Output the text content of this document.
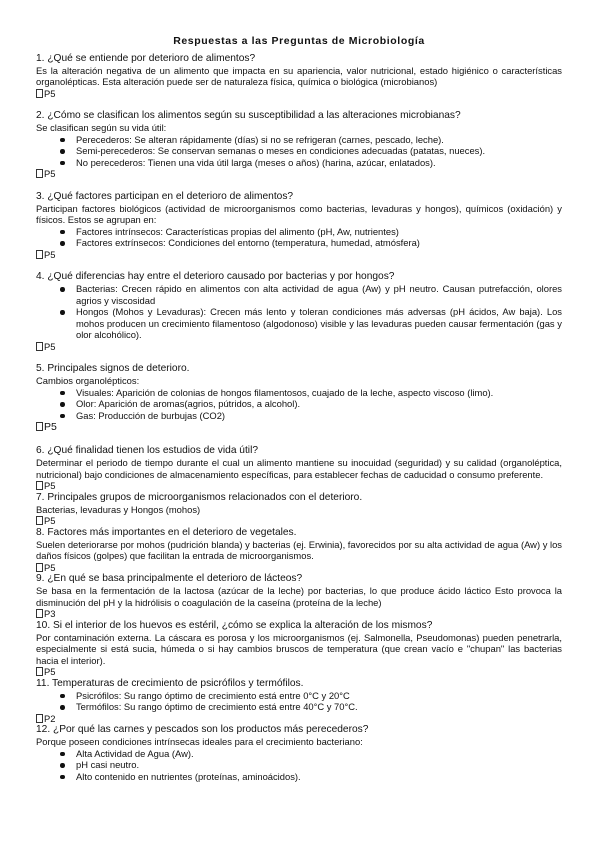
Respuestas a las Preguntas de Microbiología

1. ¿Qué se entiende por deterioro de alimentos?

Es la alteración negativa de un alimento que impacta en su apariencia, valor nutricional, estado higiénico o características organolépticas. Esta alteración puede ser de naturaleza física, química o biológica (microbianos)

P5

2. ¿Cómo se clasifican los alimentos según su susceptibilidad a las alteraciones microbianas?

Se clasifican según su vida útil:

Perecederos: Se alteran rápidamente (días) si no se refrigeran (carnes, pescado, leche).
Semi-perecederos: Se conservan semanas o meses en condiciones adecuadas (patatas, nueces).
No perecederos: Tienen una vida útil larga (meses o años) (harina, azúcar, enlatados).

P5

3. ¿Qué factores participan en el deterioro de alimentos?

Participan factores biológicos (actividad de microorganismos como bacterias, levaduras y hongos), químicos (oxidación) y físicos. Estos se agrupan en:

Factores intrínsecos: Características propias del alimento (pH, Aw, nutrientes)
Factores extrínsecos: Condiciones del entorno (temperatura, humedad, atmósfera)

P5

4. ¿Qué diferencias hay entre el deterioro causado por bacterias y por hongos?

Bacterias: Crecen rápido en alimentos con alta actividad de agua (Aw) y pH neutro. Causan putrefacción, olores agrios y viscosidad
Hongos (Mohos y Levaduras): Crecen más lento y toleran condiciones más adversas (pH ácidos, Aw baja). Los mohos producen un crecimiento filamentoso (algodonoso) visible y las levaduras pueden causar fermentación (gas y olor alcohólico).

P5

5. Principales signos de deterioro.

Cambios organolépticos:

Visuales: Aparición de colonias de hongos filamentosos, cuajado de la leche, aspecto viscoso (limo).
Olor: Aparición de aromas(agrios, pútridos, a alcohol).
Gas: Producción de burbujas (CO2)

P5

6. ¿Qué finalidad tienen los estudios de vida útil?

Determinar el periodo de tiempo durante el cual un alimento mantiene su inocuidad (seguridad) y su calidad (organoléptica, nutricional) bajo condiciones de almacenamiento específicas, para establecer fechas de caducidad o consumo preferente.

P5

7. Principales grupos de microorganismos relacionados con el deterioro.

Bacterias, levaduras y Hongos (mohos)

P5

8. Factores más importantes en el deterioro de vegetales.

Suelen deteriorarse por mohos (pudrición blanda) y bacterias (ej. Erwinia), favorecidos por su alta actividad de agua (Aw) y los daños físicos (golpes) que facilitan la entrada de microorganismos.

P5

9. ¿En qué se basa principalmente el deterioro de lácteos?

Se basa en la fermentación de la lactosa (azúcar de la leche) por bacterias, lo que produce ácido láctico Esto provoca la disminución del pH y la hidrólisis o coagulación de la caseína (proteína de la leche)

P3

10. Si el interior de los huevos es estéril, ¿cómo se explica la alteración de los mismos?

Por contaminación externa. La cáscara es porosa y los microorganismos (ej. Salmonella, Pseudomonas) pueden penetrarla, especialmente si está sucia, húmeda o si hay cambios bruscos de temperatura (que crean vacío e "chupan" las bacterias hacia el interior).

P5

11. Temperaturas de crecimiento de psicrófilos y termófilos.

Psicrófilos: Su rango óptimo de crecimiento está entre 0°C y 20°C
Termófilos: Su rango óptimo de crecimiento está entre 40°C y 70°C.

P2

12. ¿Por qué las carnes y pescados son los productos más perecederos?

Porque poseen condiciones intrínsecas ideales para el crecimiento bacteriano:

Alta Actividad de Agua (Aw).
pH casi neutro.
Alto contenido en nutrientes (proteínas, aminoácidos).
